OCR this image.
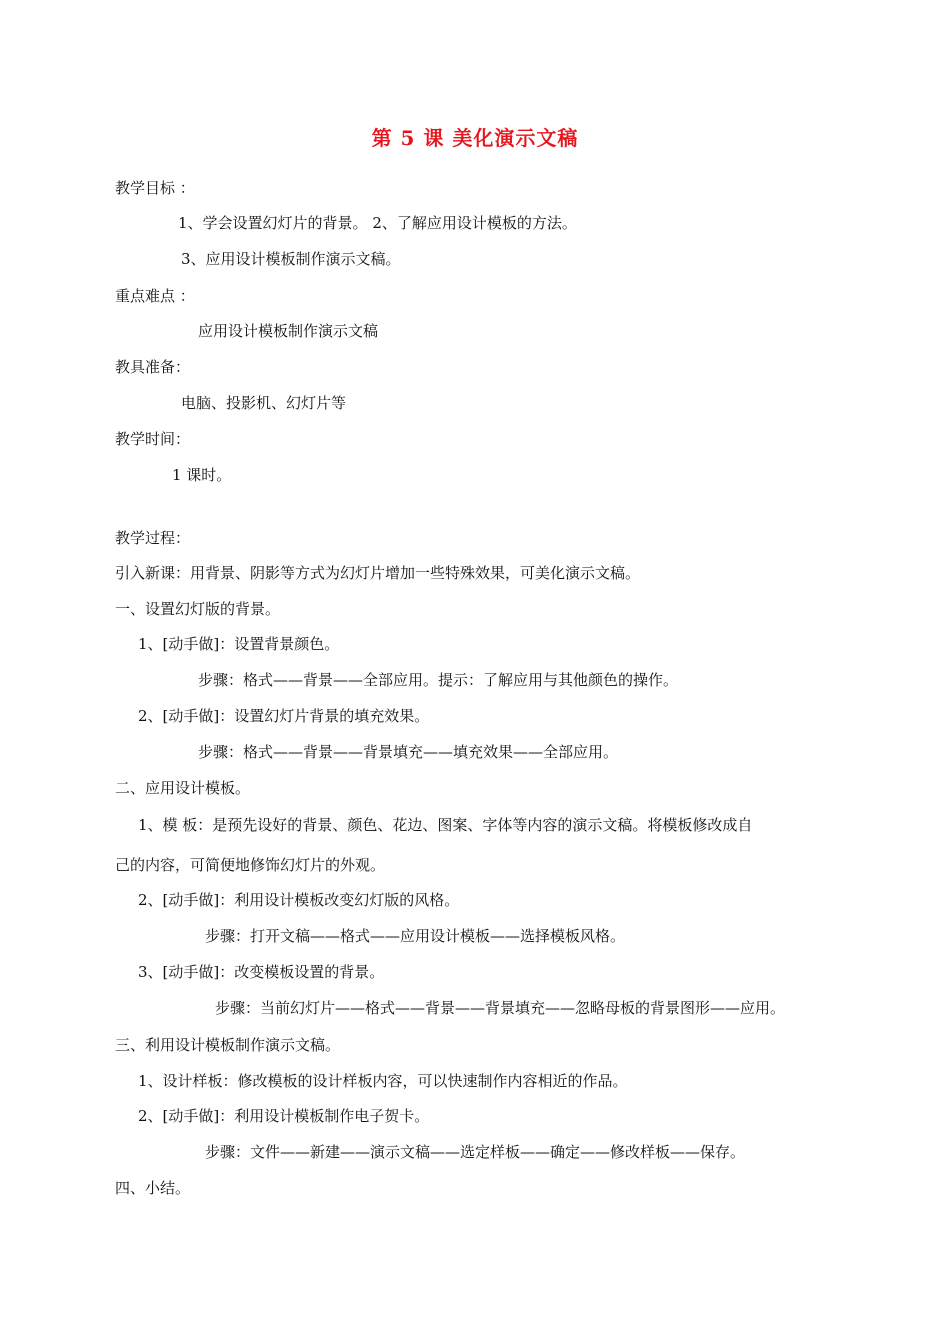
第 5 课 美化演示文稿
教学目标 ：
1、学会设置幻灯片的背景。 2、了解应用设计模板的方法。
3、应用设计模板制作演示文稿。
重点难点 ：
应用设计模板制作演示文稿
教具准备：
电脑、投影机、幻灯片等
教学时间：
1 课时。
教学过程：
引入新课：用背景、阴影等方式为幻灯片增加一些特殊效果，可美化演示文稿。
一、设置幻灯版的背景。
1、[动手做]：设置背景颜色。
步骤：格式——背景——全部应用。提示：了解应用与其他颜色的操作。
2、[动手做]：设置幻灯片背景的填充效果。
步骤：格式——背景——背景填充——填充效果——全部应用。
二、应用设计模板。
1、模 板：是预先设好的背景、颜色、花边、图案、字体等内容的演示文稿。将模板修改成自
己的内容，可简便地修饰幻灯片的外观。
2、[动手做]：利用设计模板改变幻灯版的风格。
步骤：打开文稿——格式——应用设计模板——选择模板风格。
3、[动手做]：改变模板设置的背景。
步骤：当前幻灯片——格式——背景——背景填充——忽略母板的背景图形——应用。
三、利用设计模板制作演示文稿。
1、设计样板：修改模板的设计样板内容，可以快速制作内容相近的作品。
2、[动手做]：利用设计模板制作电子贺卡。
步骤：文件——新建——演示文稿——选定样板——确定——修改样板——保存。
四、小结。
